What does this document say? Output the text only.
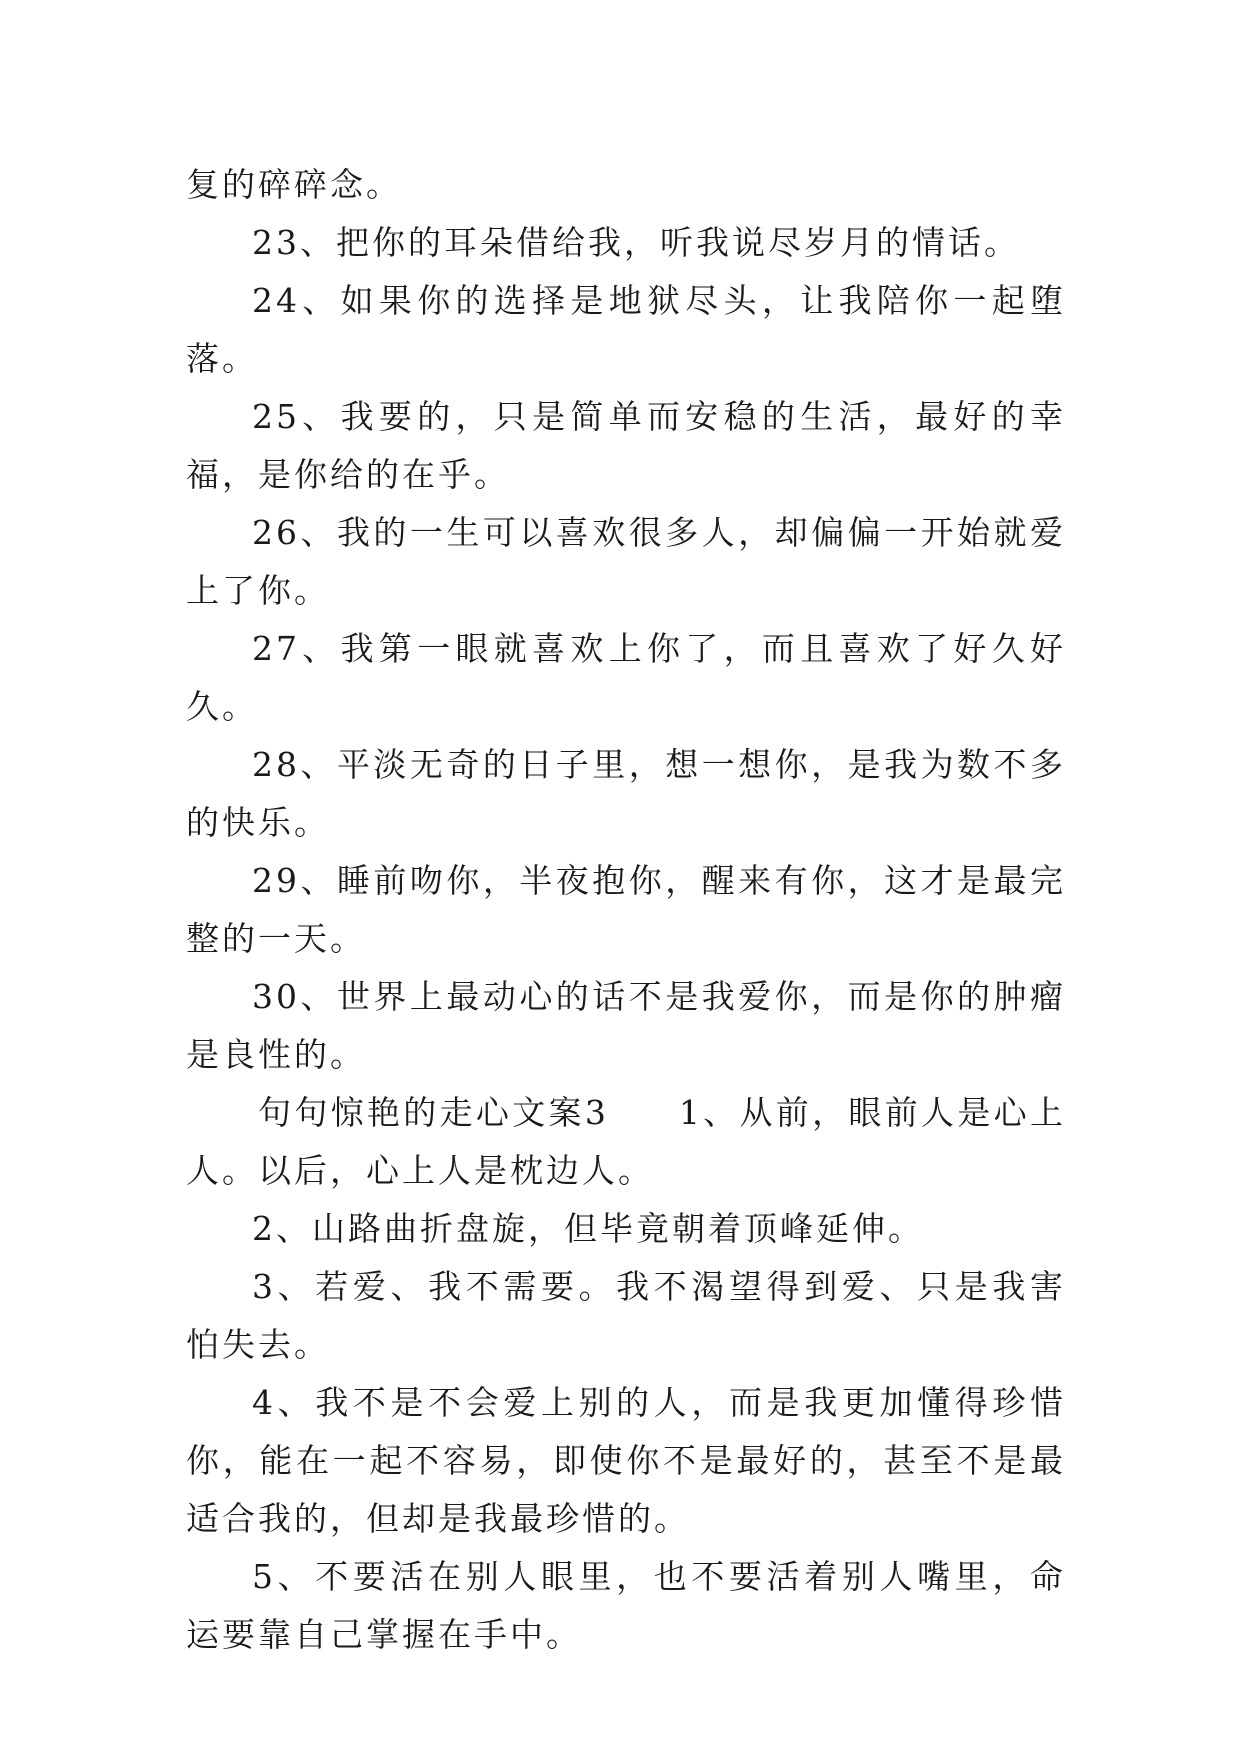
复的碎碎念。

23、把你的耳朵借给我，听我说尽岁月的情话。

24、如果你的选择是地狱尽头，让我陪你一起堕落。

25、我要的，只是简单而安稳的生活，最好的幸福，是你给的在乎。

26、我的一生可以喜欢很多人，却偏偏一开始就爱上了你。

27、我第一眼就喜欢上你了，而且喜欢了好久好久。

28、平淡无奇的日子里，想一想你，是我为数不多的快乐。

29、睡前吻你，半夜抱你，醒来有你，这才是最完整的一天。

30、世界上最动心的话不是我爱你，而是你的肿瘤是良性的。

句句惊艳的走心文案3 1、从前，眼前人是心上人。以后，心上人是枕边人。

2、山路曲折盘旋，但毕竟朝着顶峰延伸。

3、若爱、我不需要。我不渴望得到爱、只是我害怕失去。

4、我不是不会爱上别的人，而是我更加懂得珍惜你，能在一起不容易，即使你不是最好的，甚至不是最适合我的，但却是我最珍惜的。

5、不要活在别人眼里，也不要活着别人嘴里，命运要靠自己掌握在手中。
